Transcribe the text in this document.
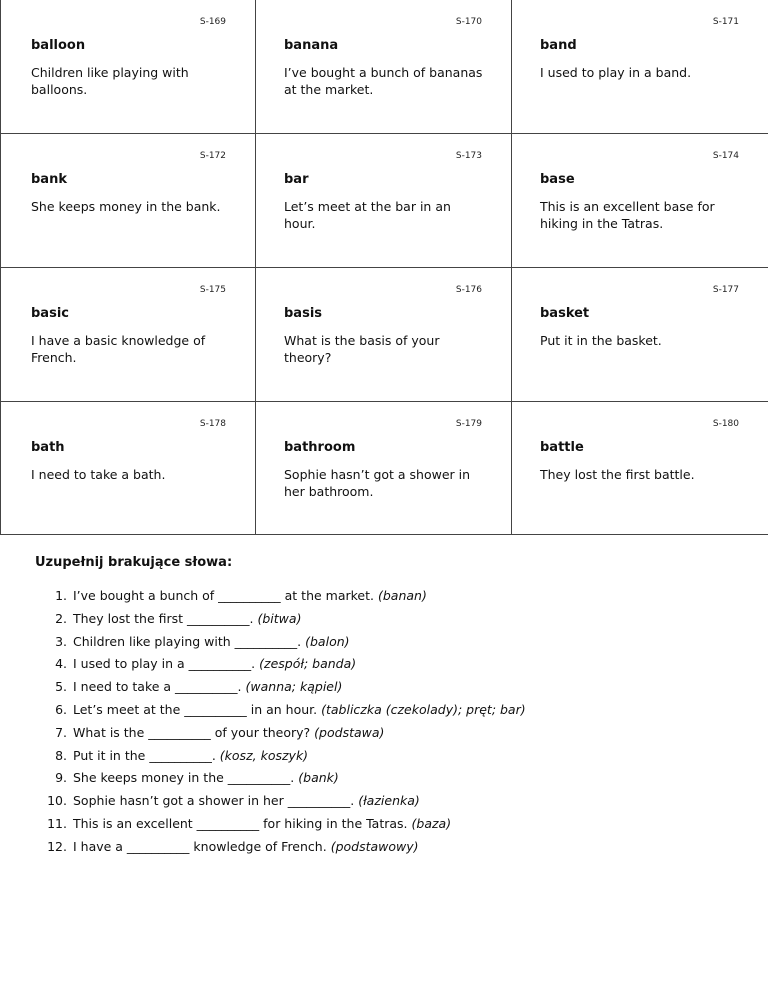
S-169
balloon
Children like playing with balloons.
S-170
banana
I’ve bought a bunch of bananas at the market.
S-171
band
I used to play in a band.
S-172
bank
She keeps money in the bank.
S-173
bar
Let’s meet at the bar in an hour.
S-174
base
This is an excellent base for hiking in the Tatras.
S-175
basic
I have a basic knowledge of French.
S-176
basis
What is the basis of your theory?
S-177
basket
Put it in the basket.
S-178
bath
I need to take a bath.
S-179
bathroom
Sophie hasn’t got a shower in her bathroom.
S-180
battle
They lost the first battle.
Uzupełnij brakujące słowa:
1. I’ve bought a bunch of __________ at the market. (banan)
2. They lost the first __________. (bitwa)
3. Children like playing with __________. (balon)
4. I used to play in a __________. (zespół; banda)
5. I need to take a __________. (wanna; kąpiel)
6. Let’s meet at the __________ in an hour. (tabliczka (czekolady); pręt; bar)
7. What is the __________ of your theory? (podstawa)
8. Put it in the __________. (kosz, koszyk)
9. She keeps money in the __________. (bank)
10. Sophie hasn’t got a shower in her __________. (łazienka)
11. This is an excellent __________ for hiking in the Tatras. (baza)
12. I have a __________ knowledge of French. (podstawowy)
